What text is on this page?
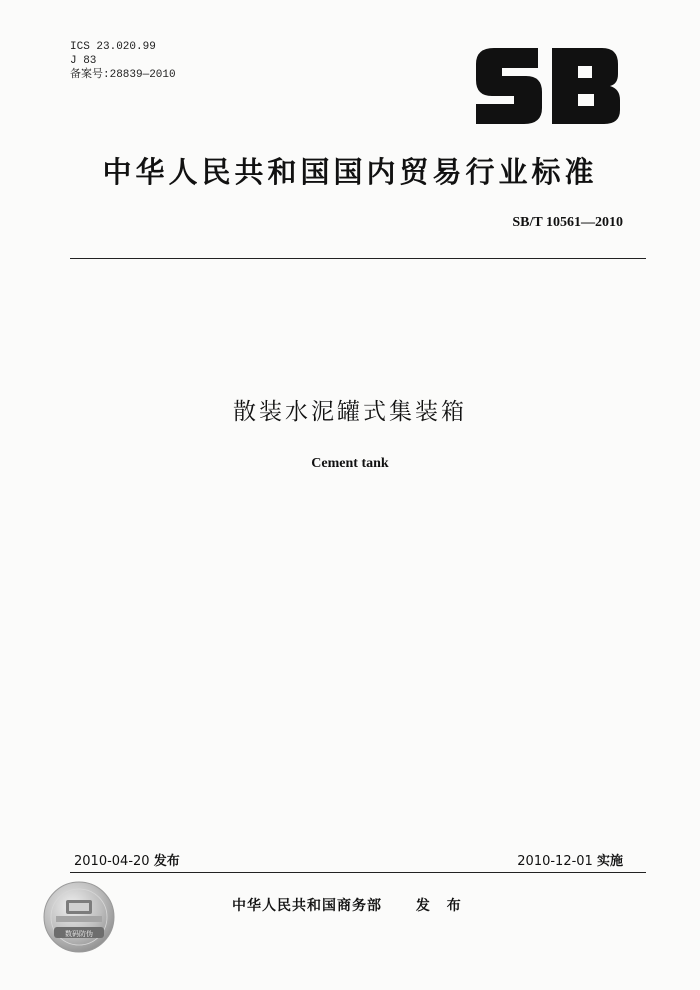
ICS 23.020.99
J 83
备案号:28839—2010
中华人民共和国国内贸易行业标准
SB/T 10561—2010
散装水泥罐式集装箱
Cement tank
2010-04-20 发布	2010-12-01 实施
数码防伪
中华人民共和国商务部 发 布
